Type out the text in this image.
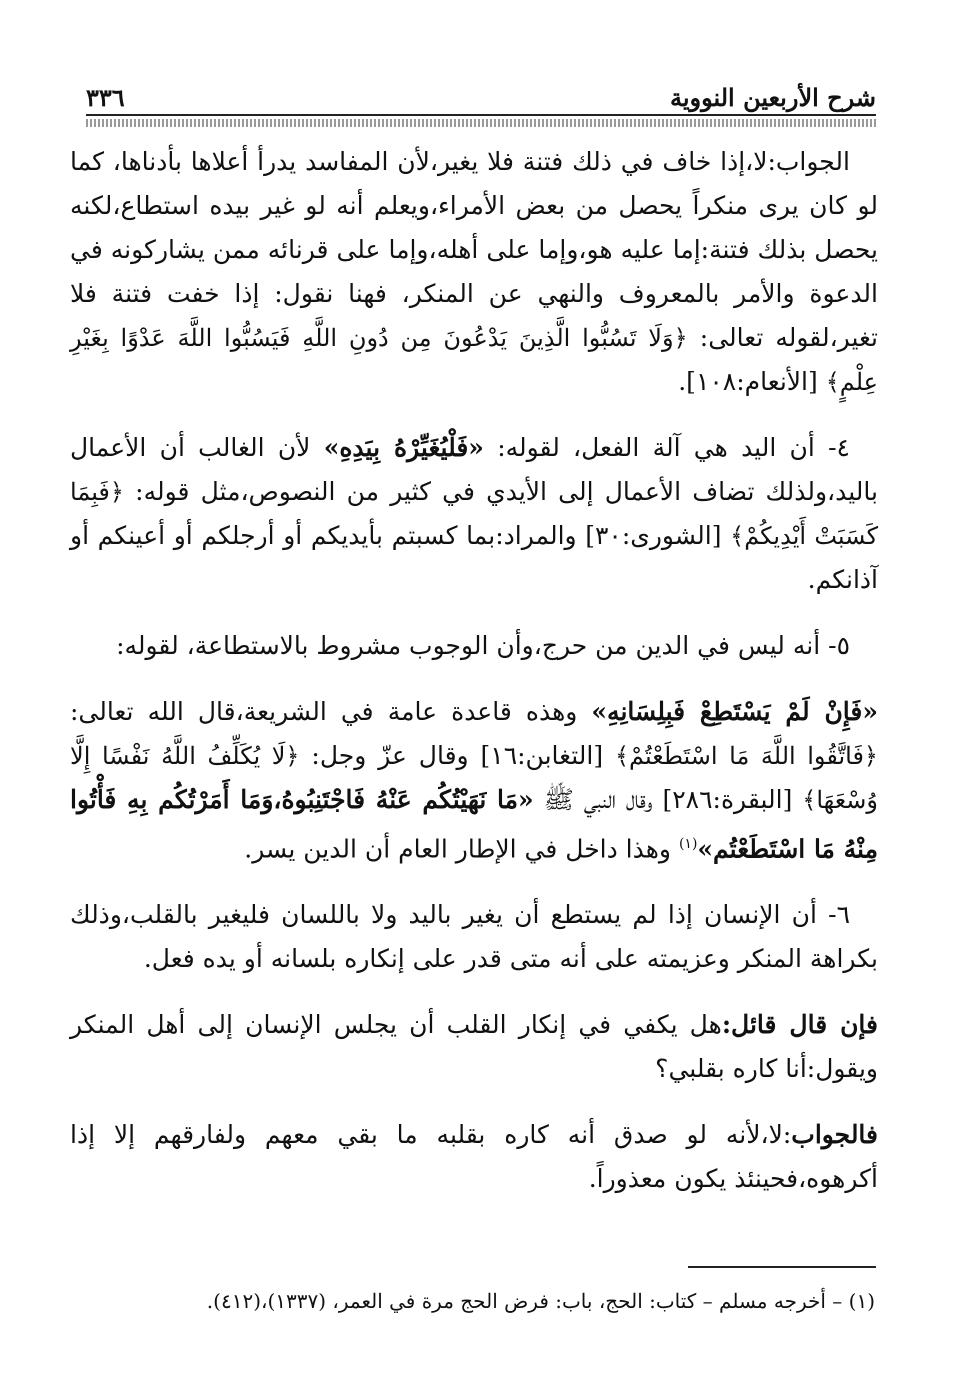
شرح الأربعين النووية
٣٣٦

الجواب:لا،إذا خاف في ذلك فتنة فلا يغير،لأن المفاسد يدرأ أعلاها بأدناها، كما لو كان يرى منكراً يحصل من بعض الأمراء،ويعلم أنه لو غير بيده استطاع،لكنه يحصل بذلك فتنة:إما عليه هو،وإما على أهله،وإما على قرنائه ممن يشاركونه في الدعوة والأمر بالمعروف والنهي عن المنكر، فهنا نقول: إذا خفت فتنة فلا تغير،لقوله تعالى: ﴿وَلَا تَسُبُّوا الَّذِينَ يَدْعُونَ مِن دُونِ اللَّهِ فَيَسُبُّوا اللَّهَ عَدْوًا بِغَيْرِ عِلْمٍ﴾ [الأنعام:١٠٨].

٤- أن اليد هي آلة الفعل، لقوله: «فَلْيُغَيِّرْهُ بِيَدِهِ» لأن الغالب أن الأعمال باليد،ولذلك تضاف الأعمال إلى الأيدي في كثير من النصوص،مثل قوله: ﴿فَبِمَا كَسَبَتْ أَيْدِيكُمْ﴾ [الشورى:٣٠] والمراد:بما كسبتم بأيديكم أو أرجلكم أو أعينكم أو آذانكم.

٥- أنه ليس في الدين من حرج،وأن الوجوب مشروط بالاستطاعة، لقوله:

«فَإِنْ لَمْ يَسْتَطِعْ فَبِلِسَانِهِ» وهذه قاعدة عامة في الشريعة،قال الله تعالى: ﴿فَاتَّقُوا اللَّهَ مَا اسْتَطَعْتُمْ﴾ [التغابن:١٦] وقال عزّ وجل: ﴿لَا يُكَلِّفُ اللَّهُ نَفْسًا إِلَّا وُسْعَهَا﴾ [البقرة:٢٨٦] وقال النبي ﷺ «مَا نَهَيْتُكُم عَنْهُ فَاجْتَنِبُوهُ،وَمَا أَمَرْتُكُم بِهِ فَأْتُوا مِنْهُ مَا اسْتَطَعْتُم»$^{(١)}$ وهذا داخل في الإطار العام أن الدين يسر.

٦- أن الإنسان إذا لم يستطع أن يغير باليد ولا باللسان فليغير بالقلب،وذلك بكراهة المنكر وعزيمته على أنه متى قدر على إنكاره بلسانه أو يده فعل.

فإن قال قائل:هل يكفي في إنكار القلب أن يجلس الإنسان إلى أهل المنكر ويقول:أنا كاره بقلبي؟

فالجواب:لا،لأنه لو صدق أنه كاره بقلبه ما بقي معهم ولفارقهم إلا إذا أكرهوه،فحينئذ يكون معذوراً.

(١) – أخرجه مسلم – كتاب: الحج، باب: فرض الحج مرة في العمر، (١٣٣٧)،(٤١٢).
